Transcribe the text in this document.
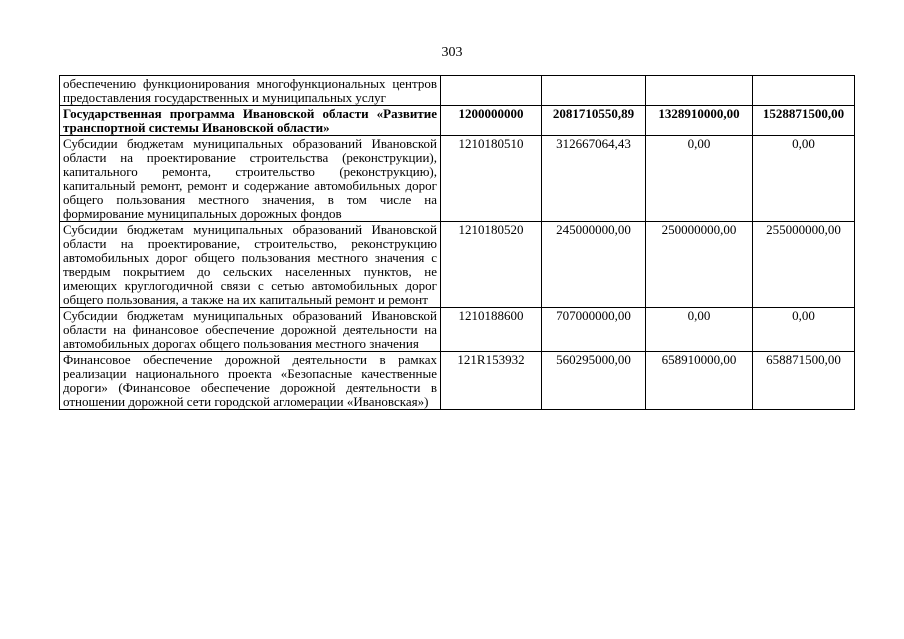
303
обеспечению функционирования многофункциональных центров предоставления государственных и муниципальных услуг				
Государственная программа Ивановской области «Развитие транспортной системы Ивановской области»	1200000000	2081710550,89	1328910000,00	1528871500,00
Субсидии бюджетам муниципальных образований Ивановской области на проектирование строительства (реконструкции), капитального ремонта, строительство (реконструкцию), капитальный ремонт, ремонт и содержание автомобильных дорог общего пользования местного значения, в том числе на формирование муниципальных дорожных фондов	1210180510	312667064,43	0,00	0,00
Субсидии бюджетам муниципальных образований Ивановской области на проектирование, строительство, реконструкцию автомобильных дорог общего пользования местного значения с твердым покрытием до сельских населенных пунктов, не имеющих круглогодичной связи с сетью автомобильных дорог общего пользования, а также на их капитальный ремонт и ремонт	1210180520	245000000,00	250000000,00	255000000,00
Субсидии бюджетам муниципальных образований Ивановской области на финансовое обеспечение дорожной деятельности на автомобильных дорогах общего пользования местного значения	1210188600	707000000,00	0,00	0,00
Финансовое обеспечение дорожной деятельности в рамках реализации национального проекта «Безопасные качественные дороги» (Финансовое обеспечение дорожной деятельности в отношении дорожной сети городской агломерации «Ивановская»)	121R153932	560295000,00	658910000,00	658871500,00
